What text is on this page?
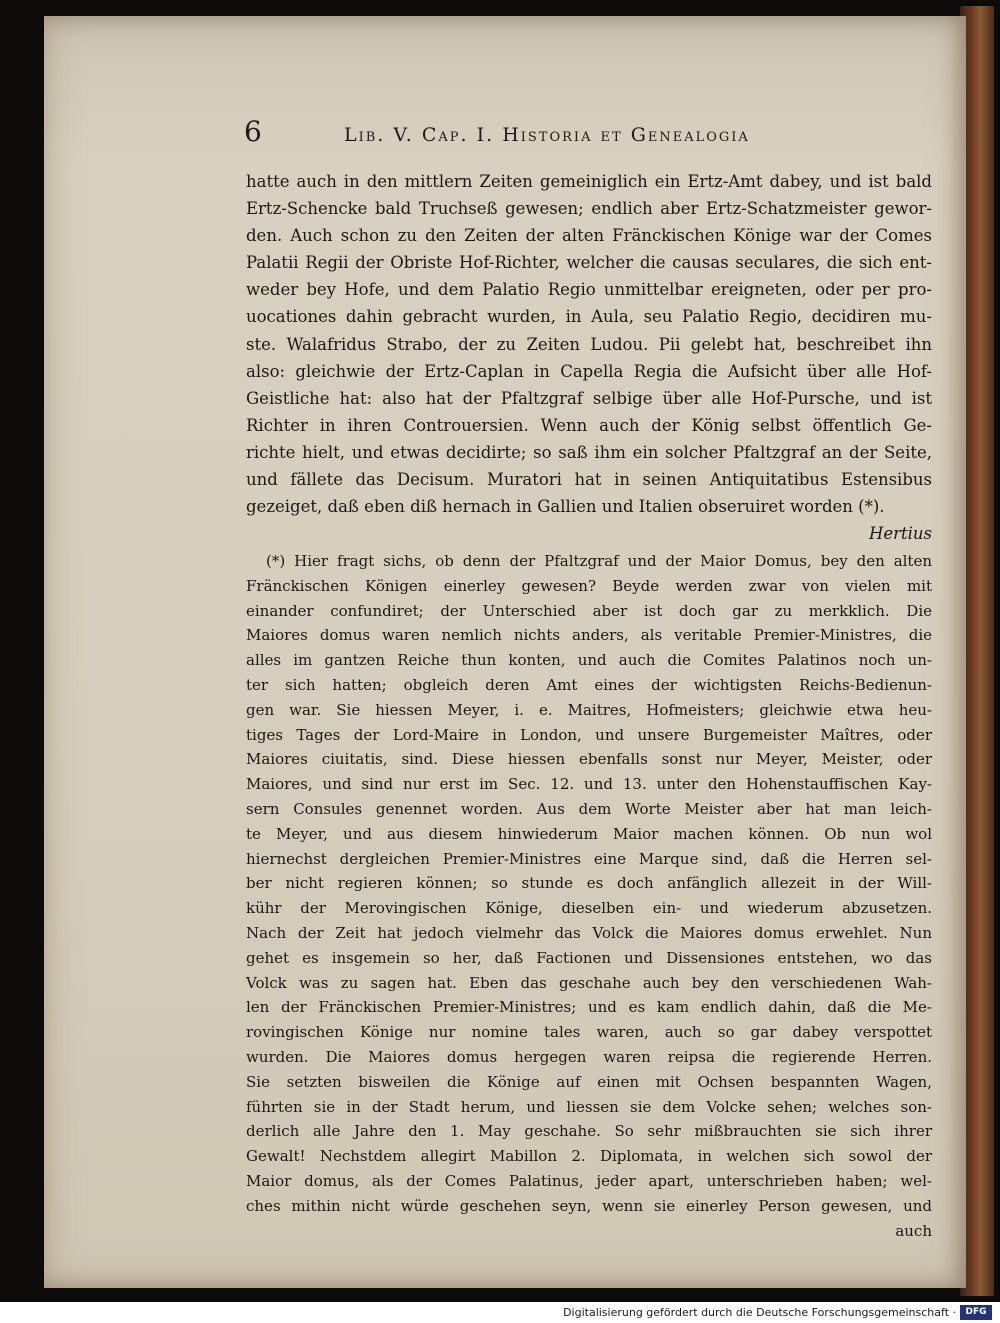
6	Lib. V. Cap. I. Historia et Genealogia
hatte auch in den mittlern Zeiten gemeiniglich ein Ertz-Amt dabey, und ist bald
Ertz-Schencke bald Truchseß gewesen; endlich aber Ertz-Schatzmeister gewor-
den. Auch schon zu den Zeiten der alten Fränckischen Könige war der Comes
Palatii Regii der Obriste Hof-Richter, welcher die causas seculares, die sich ent-
weder bey Hofe, und dem Palatio Regio unmittelbar ereigneten, oder per pro-
uocationes dahin gebracht wurden, in Aula, seu Palatio Regio, decidiren mu-
ste. Walafridus Strabo, der zu Zeiten Ludou. Pii gelebt hat, beschreibet ihn
also: gleichwie der Ertz-Caplan in Capella Regia die Aufsicht über alle Hof-
Geistliche hat: also hat der Pfaltzgraf selbige über alle Hof-Pursche, und ist
Richter in ihren Controuersien. Wenn auch der König selbst öffentlich Ge-
richte hielt, und etwas decidirte; so saß ihm ein solcher Pfaltzgraf an der Seite,
und fällete das Decisum. Muratori hat in seinen Antiquitatibus Estensibus
gezeiget, daß eben diß hernach in Gallien und Italien obseruiret worden (*).
Hertius
(*) Hier fragt sichs, ob denn der Pfaltzgraf und der Maior Domus, bey den alten
Fränckischen Königen einerley gewesen? Beyde werden zwar von vielen mit
einander confundiret; der Unterschied aber ist doch gar zu merkklich. Die
Maiores domus waren nemlich nichts anders, als veritable Premier-Ministres, die
alles im gantzen Reiche thun konten, und auch die Comites Palatinos noch un-
ter sich hatten; obgleich deren Amt eines der wichtigsten Reichs-Bedienun-
gen war. Sie hiessen Meyer, i. e. Maitres, Hofmeisters; gleichwie etwa heu-
tiges Tages der Lord-Maire in London, und unsere Burgemeister Maîtres, oder
Maiores ciuitatis, sind. Diese hiessen ebenfalls sonst nur Meyer, Meister, oder
Maiores, und sind nur erst im Sec. 12. und 13. unter den Hohenstauffischen Kay-
sern Consules genennet worden. Aus dem Worte Meister aber hat man leich-
te Meyer, und aus diesem hinwiederum Maior machen können. Ob nun wol
hiernechst dergleichen Premier-Ministres eine Marque sind, daß die Herren sel-
ber nicht regieren können; so stunde es doch anfänglich allezeit in der Will-
kühr der Merovingischen Könige, dieselben ein- und wiederum abzusetzen.
Nach der Zeit hat jedoch vielmehr das Volck die Maiores domus erwehlet. Nun
gehet es insgemein so her, daß Factionen und Dissensiones entstehen, wo das
Volck was zu sagen hat. Eben das geschahe auch bey den verschiedenen Wah-
len der Fränckischen Premier-Ministres; und es kam endlich dahin, daß die Me-
rovingischen Könige nur nomine tales waren, auch so gar dabey verspottet
wurden. Die Maiores domus hergegen waren reipsa die regierende Herren.
Sie setzten bisweilen die Könige auf einen mit Ochsen bespannten Wagen,
führten sie in der Stadt herum, und liessen sie dem Volcke sehen; welches son-
derlich alle Jahre den 1. May geschahe. So sehr mißbrauchten sie sich ihrer
Gewalt! Nechstdem allegirt Mabillon 2. Diplomata, in welchen sich sowol der
Maior domus, als der Comes Palatinus, jeder apart, unterschrieben haben; wel-
ches mithin nicht würde geschehen seyn, wenn sie einerley Person gewesen, und
auch
Digitalisierung gefördert durch die Deutsche Forschungsgemeinschaft ·	DFG
